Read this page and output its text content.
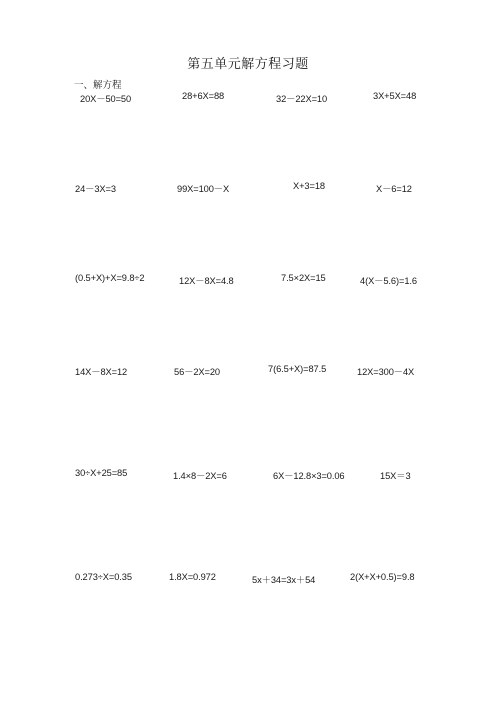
第五单元解方程习题
一、解方程
20X－50=50	28+6X=88	32－22X=10	3X+5X=48
24－3X=3	99X=100－X	X+3=18	X－6=12
(0.5+X)+X=9.8÷2	12X－8X=4.8	7.5×2X=15	4(X－5.6)=1.6
14X－8X=12	56－2X=20	7(6.5+X)=87.5	12X=300－4X
30÷X+25=85	1.4×8－2X=6	6X－12.8×3=0.06	15X＝3
0.273÷X=0.35	1.8X=0.972	5x＋34=3x＋54	2(X+X+0.5)=9.8
